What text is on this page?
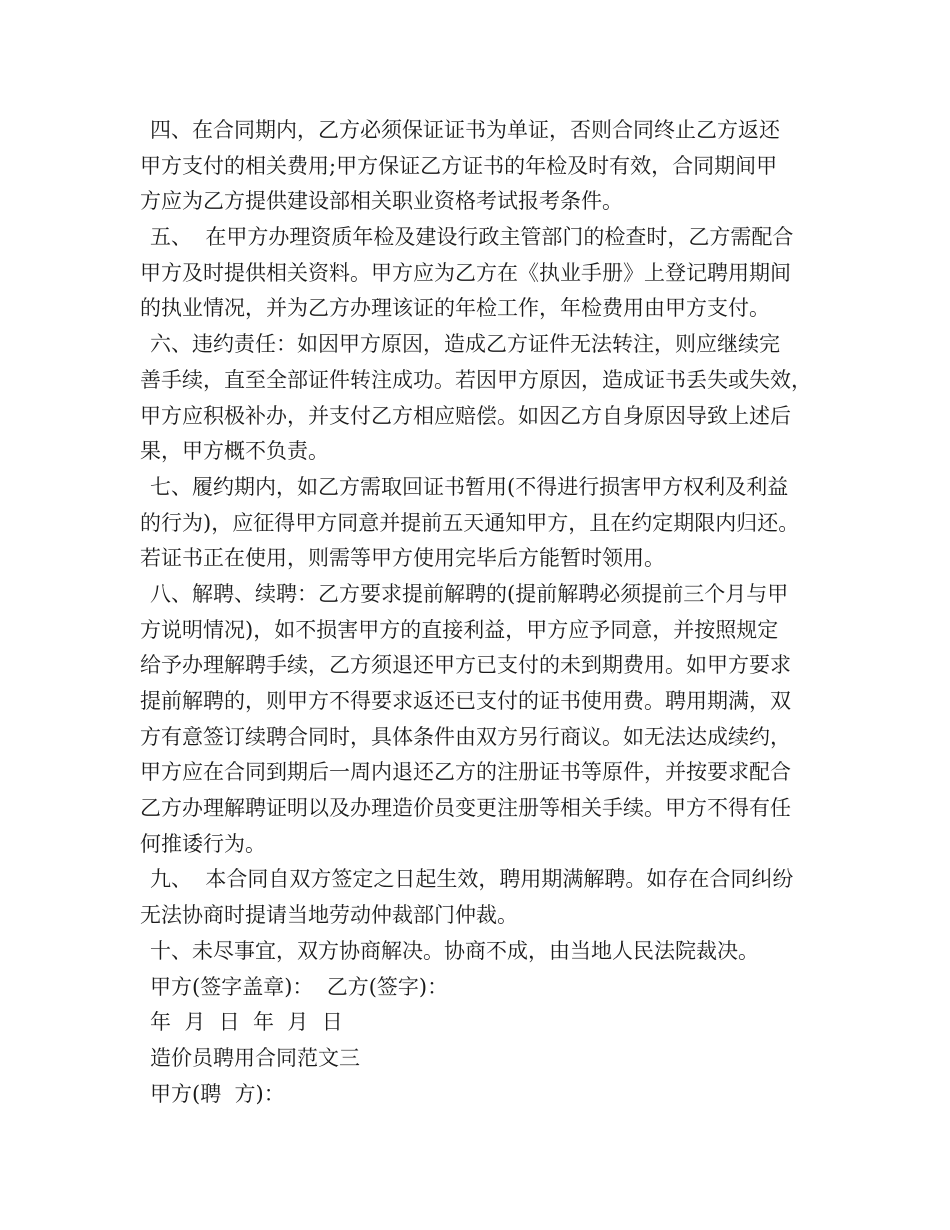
四、在合同期内，乙方必须保证证书为单证，否则合同终止乙方返还
甲方支付的相关费用;甲方保证乙方证书的年检及时有效，合同期间甲
方应为乙方提供建设部相关职业资格考试报考条件。
五、  在甲方办理资质年检及建设行政主管部门的检查时，乙方需配合
甲方及时提供相关资料。甲方应为乙方在《执业手册》上登记聘用期间
的执业情况，并为乙方办理该证的年检工作，年检费用由甲方支付。
六、违约责任：如因甲方原因，造成乙方证件无法转注，则应继续完
善手续，直至全部证件转注成功。若因甲方原因，造成证书丢失或失效，
甲方应积极补办，并支付乙方相应赔偿。如因乙方自身原因导致上述后
果，甲方概不负责。
七、履约期内，如乙方需取回证书暂用(不得进行损害甲方权利及利益
的行为)，应征得甲方同意并提前五天通知甲方，且在约定期限内归还。
若证书正在使用，则需等甲方使用完毕后方能暂时领用。
八、解聘、续聘：乙方要求提前解聘的(提前解聘必须提前三个月与甲
方说明情况)，如不损害甲方的直接利益，甲方应予同意，并按照规定
给予办理解聘手续，乙方须退还甲方已支付的未到期费用。如甲方要求
提前解聘的，则甲方不得要求返还已支付的证书使用费。聘用期满，双
方有意签订续聘合同时，具体条件由双方另行商议。如无法达成续约，
甲方应在合同到期后一周内退还乙方的注册证书等原件，并按要求配合
乙方办理解聘证明以及办理造价员变更注册等相关手续。甲方不得有任
何推诿行为。
九、  本合同自双方签定之日起生效，聘用期满解聘。如存在合同纠纷
无法协商时提请当地劳动仲裁部门仲裁。
十、未尽事宜，双方协商解决。协商不成，由当地人民法院裁决。
甲方(签字盖章)：  乙方(签字)：
年  月  日  年  月  日
造价员聘用合同范文三
甲方(聘  方)：
